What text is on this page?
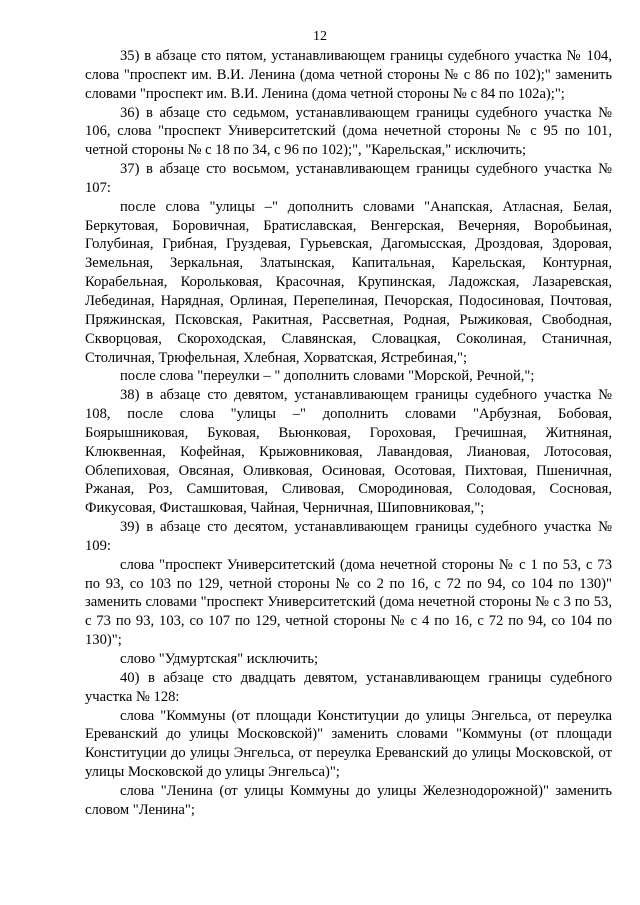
12

35) в абзаце сто пятом, устанавливающем границы судебного участка № 104, слова "проспект им. В.И. Ленина (дома четной стороны № с 86 по 102);" заменить словами "проспект им. В.И. Ленина (дома четной стороны № с 84 по 102а);";

36) в абзаце сто седьмом, устанавливающем границы судебного участка № 106, слова "проспект Университетский (дома нечетной стороны № с 95 по 101, четной стороны № с 18 по 34, с 96 по 102);", "Карельская," исключить;

37) в абзаце сто восьмом, устанавливающем границы судебного участка № 107:

после слова "улицы –" дополнить словами "Анапская, Атласная, Белая, Беркутовая, Боровичная, Братиславская, Венгерская, Вечерняя, Воробьиная, Голубиная, Грибная, Груздевая, Гурьевская, Дагомысская, Дроздовая, Здоровая, Земельная, Зеркальная, Златынская, Капитальная, Карельская, Контурная, Корабельная, Корольковая, Красочная, Крупинская, Ладожская, Лазаревская, Лебединая, Нарядная, Орлиная, Перепелиная, Печорская, Подосиновая, Почтовая, Пряжинская, Псковская, Ракитная, Рассветная, Родная, Рыжиковая, Свободная, Скворцовая, Скороходская, Славянская, Словацкая, Соколиная, Станичная, Столичная, Трюфельная, Хлебная, Хорватская, Ястребиная,";

после слова "переулки – " дополнить словами "Морской, Речной,";

38) в абзаце сто девятом, устанавливающем границы судебного участка № 108, после слова "улицы –" дополнить словами "Арбузная, Бобовая, Боярышниковая, Буковая, Вьюнковая, Гороховая, Гречишная, Житняная, Клюквенная, Кофейная, Крыжовниковая, Лавандовая, Лиановая, Лотосовая, Облепиховая, Овсяная, Оливковая, Осиновая, Осотовая, Пихтовая, Пшеничная, Ржаная, Роз, Самшитовая, Сливовая, Смородиновая, Солодовая, Сосновая, Фикусовая, Фисташковая, Чайная, Черничная, Шиповниковая,";

39) в абзаце сто десятом, устанавливающем границы судебного участка № 109:

слова "проспект Университетский (дома нечетной стороны № с 1 по 53, с 73 по 93, со 103 по 129, четной стороны № со 2 по 16, с 72 по 94, со 104 по 130)" заменить словами "проспект Университетский (дома нечетной стороны № с 3 по 53, с 73 по 93, 103, со 107 по 129, четной стороны № с 4 по 16, с 72 по 94, со 104 по 130)";

слово "Удмуртская" исключить;

40) в абзаце сто двадцать девятом, устанавливающем границы судебного участка № 128:

слова "Коммуны (от площади Конституции до улицы Энгельса, от переулка Ереванский до улицы Московской)" заменить словами "Коммуны (от площади Конституции до улицы Энгельса, от переулка Ереванский до улицы Московской, от улицы Московской до улицы Энгельса)";

слова "Ленина (от улицы Коммуны до улицы Железнодорожной)" заменить словом "Ленина";
